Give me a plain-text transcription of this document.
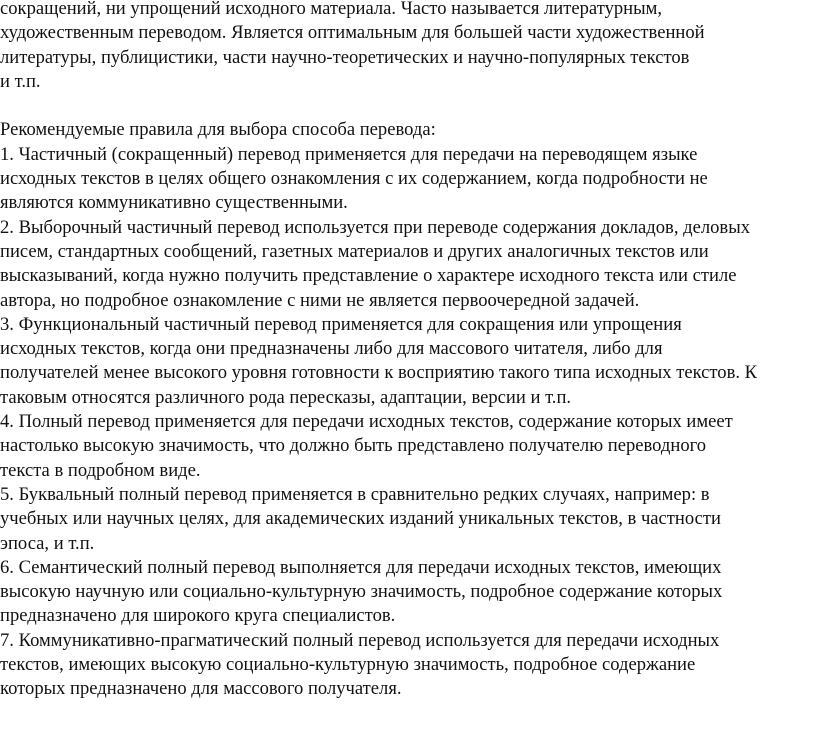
сокращений, ни упрощений исходного материала. Часто называется литературным,
художественным переводом. Является оптимальным для большей части художественной
литературы, публицистики, части научно-теоретических и научно-популярных текстов
и т.п.
Рекомендуемые правила для выбора способа перевода:
1. Частичный (сокращенный) перевод применяется для передачи на переводящем языке
исходных текстов в целях общего ознакомления с их содержанием, когда подробности не
являются коммуникативно существенными.
2. Выборочный частичный перевод используется при переводе содержания докладов, деловых
писем, стандартных сообщений, газетных материалов и других аналогичных текстов или
высказываний, когда нужно получить представление о характере исходного текста или стиле
автора, но подробное ознакомление с ними не является первоочередной задачей.
3. Функциональный частичный перевод применяется для сокращения или упрощения
исходных текстов, когда они предназначены либо для массового читателя, либо для
получателей менее высокого уровня готовности к восприятию такого типа исходных текстов. К
таковым относятся различного рода пересказы, адаптации, версии и т.п.
4. Полный перевод применяется для передачи исходных текстов, содержание которых имеет
настолько высокую значимость, что должно быть представлено получателю переводного
текста в подробном виде.
5. Буквальный полный перевод применяется в сравнительно редких случаях, например: в
учебных или научных целях, для академических изданий уникальных текстов, в частности
эпоса, и т.п.
6. Семантический полный перевод выполняется для передачи исходных текстов, имеющих
высокую научную или социально-культурную значимость, подробное содержание которых
предназначено для широкого круга специалистов.
7. Коммуникативно-прагматический полный перевод используется для передачи исходных
текстов, имеющих высокую социально-культурную значимость, подробное содержание
которых предназначено для массового получателя.
